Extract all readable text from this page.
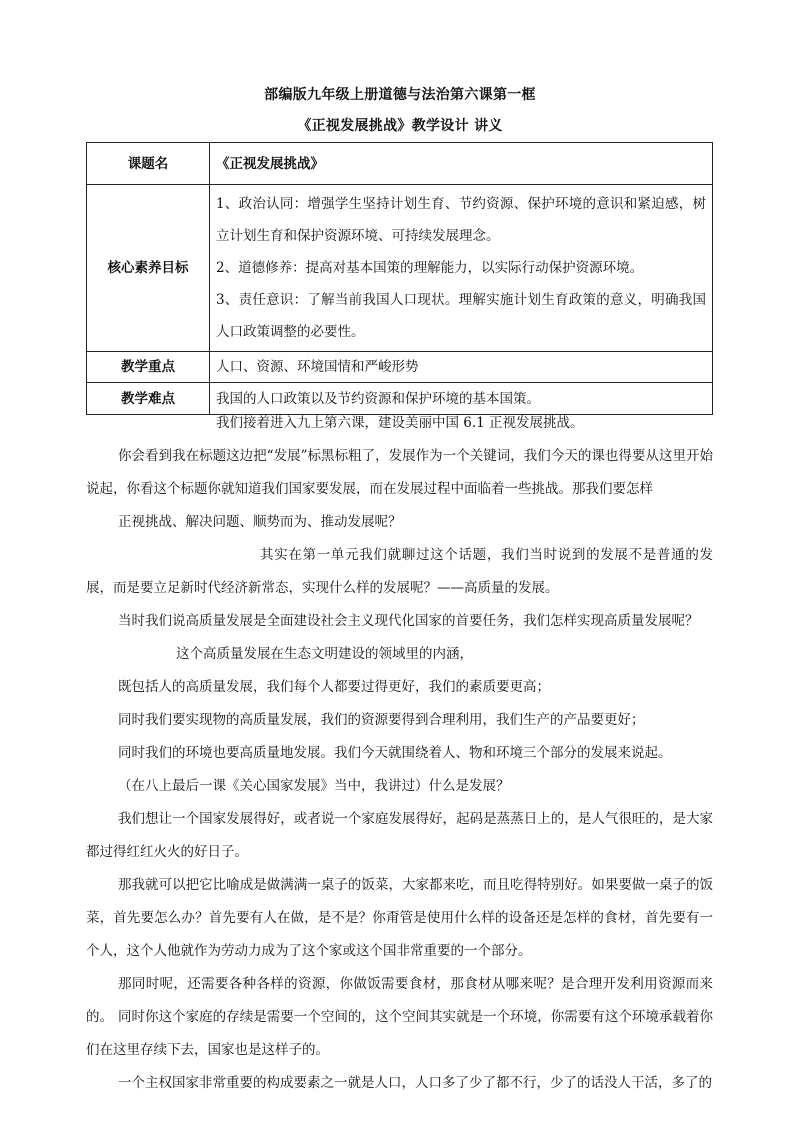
部编版九年级上册道德与法治第六课第一框
《正视发展挑战》教学设计 讲义
课题名	《正视发展挑战》
核心素养目标	1、政治认同：增强学生坚持计划生育、节约资源、保护环境的意识和紧迫感，树立计划生育和保护资源环境、可持续发展理念。

2、道德修养：提高对基本国策的理解能力，以实际行动保护资源环境。

3、责任意识：了解当前我国人口现状。理解实施计划生育政策的意义，明确我国人口政策调整的必要性。

教学重点	人口、资源、环境国情和严峻形势
教学难点	我国的人口政策以及节约资源和保护环境的基本国策。

我们接着进入九上第六课，建设美丽中国 6.1 正视发展挑战。

你会看到我在标题这边把“发展”标黑标粗了，发展作为一个关键词，我们今天的课也得要从这里开始说起，你看这个标题你就知道我们国家要发展，而在发展过程中面临着一些挑战。那我们要怎样

正视挑战、解决问题、顺势而为、推动发展呢？

其实在第一单元我们就聊过这个话题，我们当时说到的发展不是普通的发展，而是要立足新时代经济新常态，实现什么样的发展呢？——高质量的发展。

当时我们说高质量发展是全面建设社会主义现代化国家的首要任务，我们怎样实现高质量发展呢？

这个高质量发展在生态文明建设的领域里的内涵，

既包括人的高质量发展，我们每个人都要过得更好，我们的素质要更高；

同时我们要实现物的高质量发展，我们的资源要得到合理利用，我们生产的产品要更好；

同时我们的环境也要高质量地发展。我们今天就围绕着人、物和环境三个部分的发展来说起。

（在八上最后一课《关心国家发展》当中，我讲过）什么是发展？

我们想让一个国家发展得好，或者说一个家庭发展得好，起码是蒸蒸日上的，是人气很旺的，是大家都过得红红火火的好日子。

那我就可以把它比喻成是做满满一桌子的饭菜，大家都来吃，而且吃得特别好。如果要做一桌子的饭菜，首先要怎么办？首先要有人在做，是不是？你甭管是使用什么样的设备还是怎样的食材，首先要有一个人，这个人他就作为劳动力成为了这个家或这个国非常重要的一个部分。

那同时呢，还需要各种各样的资源，你做饭需要食材，那食材从哪来呢？是合理开发利用资源而来的。 同时你这个家庭的存续是需要一个空间的，这个空间其实就是一个环境，你需要有这个环境承载着你们在这里存续下去，国家也是这样子的。

一个主权国家非常重要的构成要素之一就是人口，人口多了少了都不行，少了的话没人干活，多了的
